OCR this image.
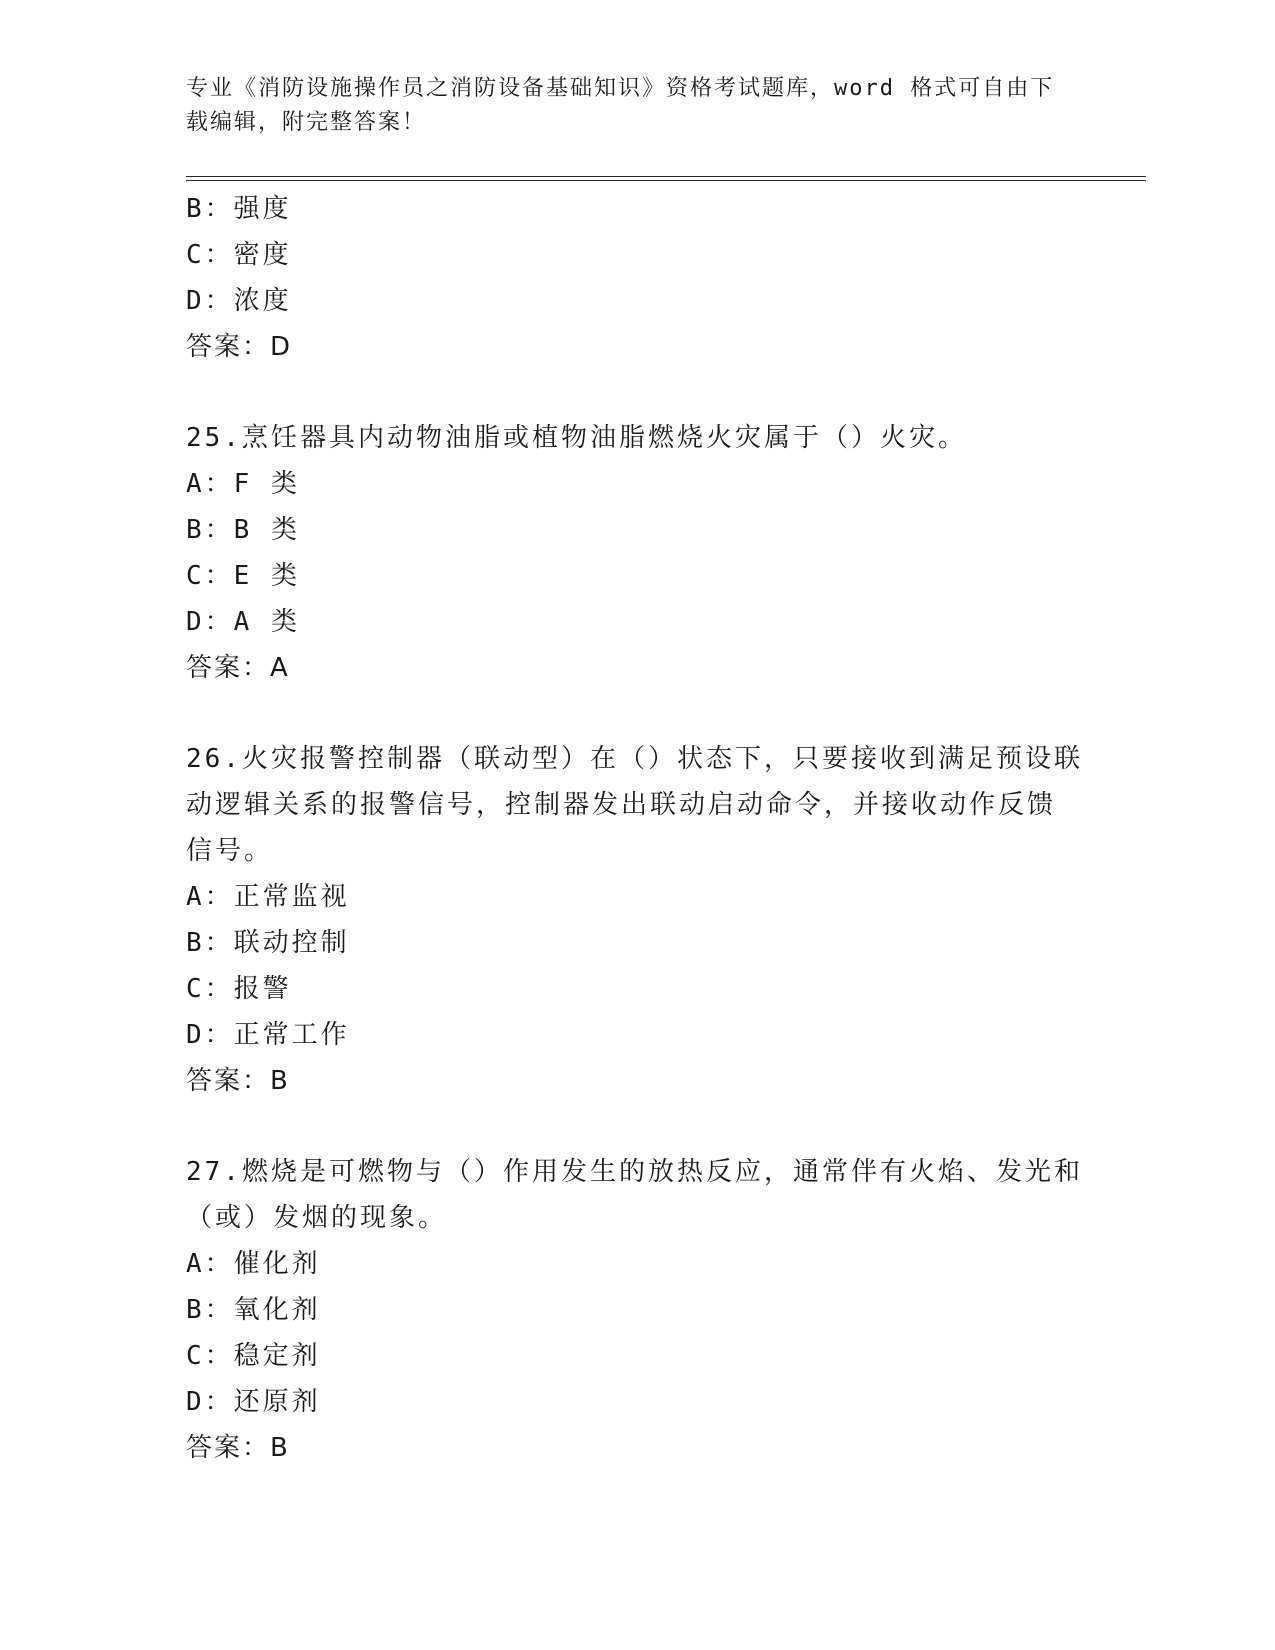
专业《消防设施操作员之消防设备基础知识》资格考试题库，word 格式可自由下
载编辑，附完整答案！
B：强度
C：密度
D：浓度
答案：D
25.烹饪器具内动物油脂或植物油脂燃烧火灾属于（）火灾。
A：F 类
B：B 类
C：E 类
D：A 类
答案：A
26.火灾报警控制器（联动型）在（）状态下，只要接收到满足预设联
动逻辑关系的报警信号，控制器发出联动启动命令，并接收动作反馈
信号。
A：正常监视
B：联动控制
C：报警
D：正常工作
答案：B
27.燃烧是可燃物与（）作用发生的放热反应，通常伴有火焰、发光和
（或）发烟的现象。
A：催化剂
B：氧化剂
C：稳定剂
D：还原剂
答案：B
